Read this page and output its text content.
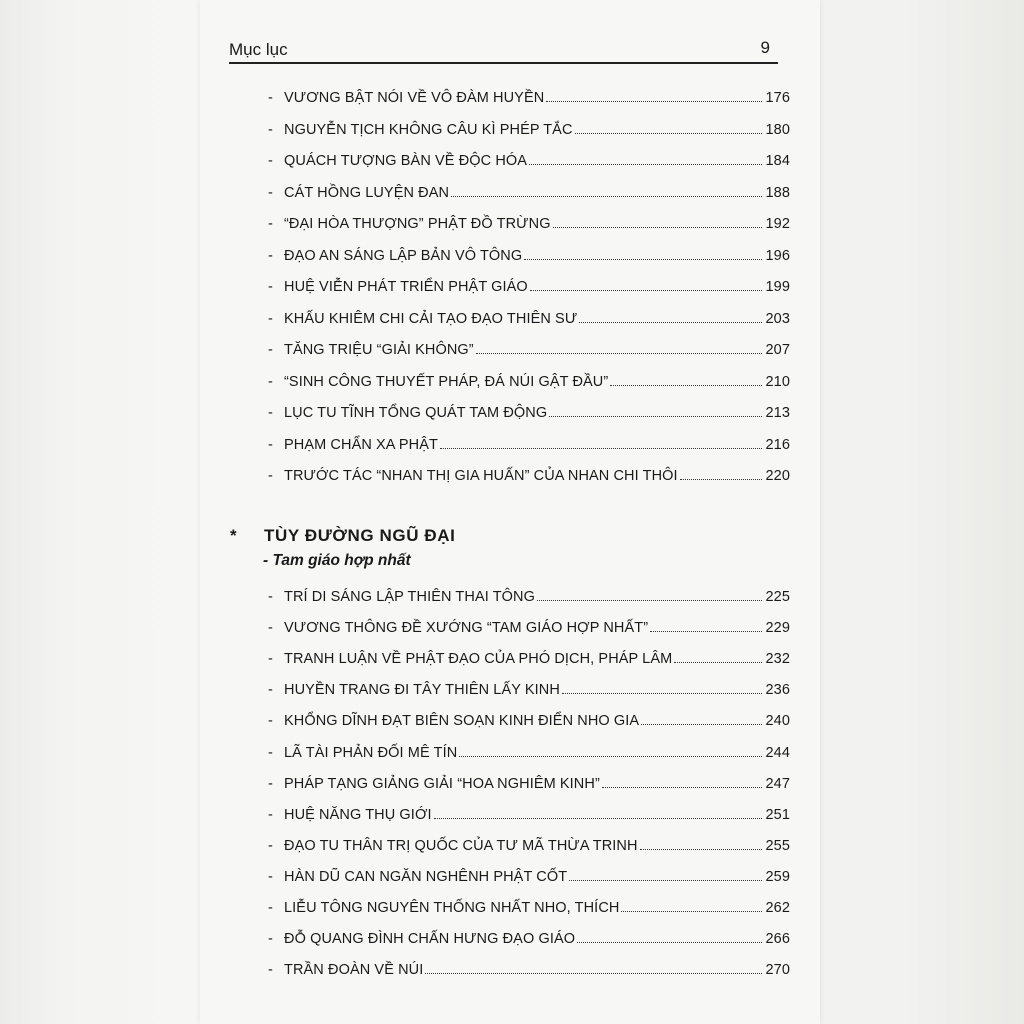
Mục lục	9
- VƯƠNG BẬT NÓI VỀ VÔ ĐÀM HUYỀN	176
- NGUYỄN TỊCH KHÔNG CÂU KÌ PHÉP TẮC	180
- QUÁCH TƯỢNG BÀN VỀ ĐỘC HÓA	184
- CÁT HỒNG LUYỆN ĐAN	188
- “ĐẠI HÒA THƯỢNG” PHẬT ĐỒ TRỪNG	192
- ĐẠO AN SÁNG LẬP BẢN VÔ TÔNG	196
- HUỆ VIỄN PHÁT TRIỂN PHẬT GIÁO	199
- KHẤU KHIÊM CHI CẢI TẠO ĐẠO THIÊN SƯ	203
- TĂNG TRIỆU “GIẢI KHÔNG”	207
- “SINH CÔNG THUYẾT PHÁP, ĐÁ NÚI GẬT ĐẦU”	210
- LỤC TU TĨNH TỔNG QUÁT TAM ĐỘNG	213
- PHẠM CHẨN XA PHẬT	216
- TRƯỚC TÁC “NHAN THỊ GIA HUẤN” CỦA NHAN CHI THÔI	220
* TÙY ĐƯỜNG NGŨ ĐẠI
- Tam giáo hợp nhất
- TRÍ DI SÁNG LẬP THIÊN THAI TÔNG	225
- VƯƠNG THÔNG ĐỀ XƯỚNG “TAM GIÁO HỢP NHẤT”	229
- TRANH LUẬN VỀ PHẬT ĐẠO CỦA PHÓ DỊCH, PHÁP LÂM	232
- HUYỀN TRANG ĐI TÂY THIÊN LẤY KINH	236
- KHỔNG DĨNH ĐẠT BIÊN SOẠN KINH ĐIỂN NHO GIA	240
- LÃ TÀI PHẢN ĐỐI MÊ TÍN	244
- PHÁP TẠNG GIẢNG GIẢI “HOA NGHIÊM KINH”	247
- HUỆ NĂNG THỤ GIỚI	251
- ĐẠO TU THÂN TRỊ QUỐC CỦA TƯ MÃ THỪA TRINH	255
- HÀN DŨ CAN NGĂN NGHÊNH PHẬT CỐT	259
- LIỄU TÔNG NGUYÊN THỐNG NHẤT NHO, THÍCH	262
- ĐỖ QUANG ĐÌNH CHẤN HƯNG ĐẠO GIÁO	266
- TRẦN ĐOÀN VỀ NÚI	270
